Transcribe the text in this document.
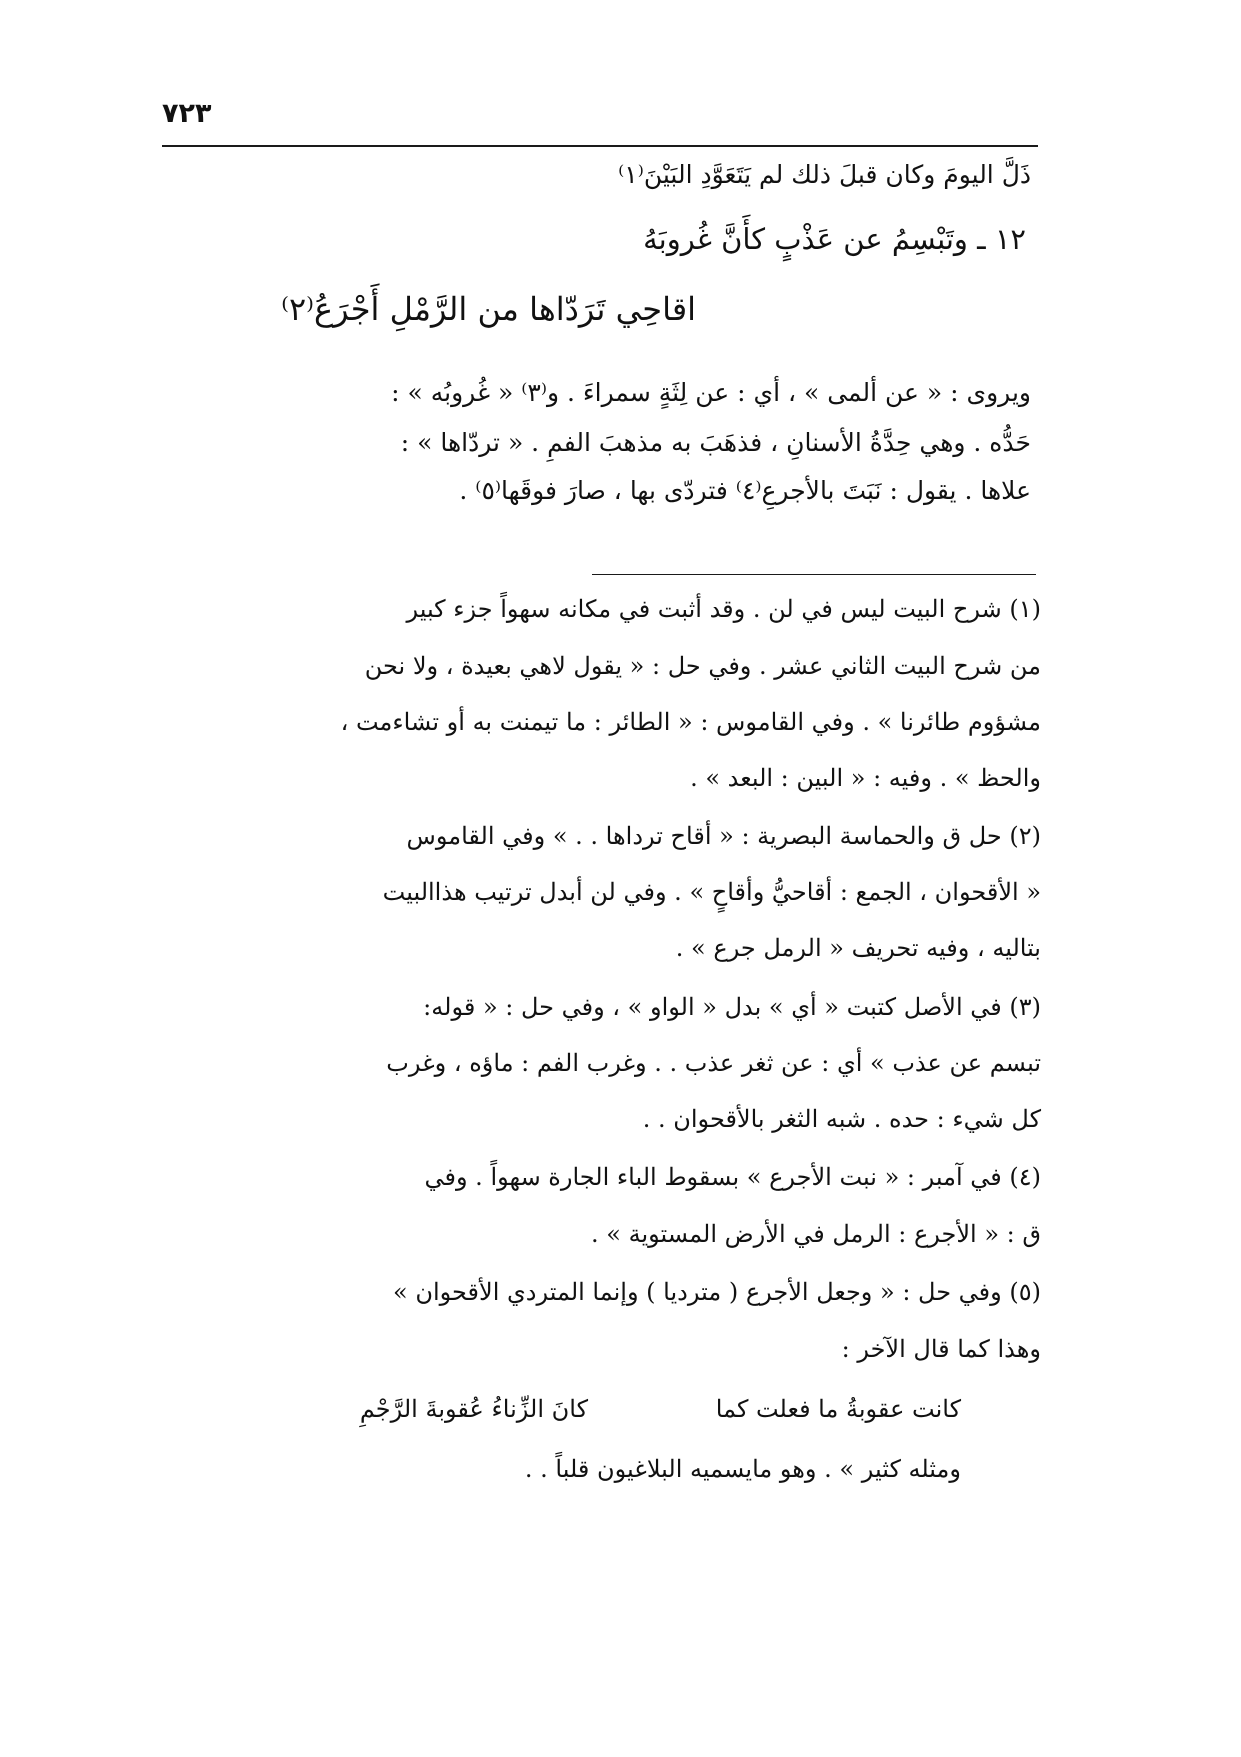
٧٢٣
ذَلَّ اليومَ وكان قبلَ ذلك لم يَتَعَوَّدِ البَيْنَ⁽١⁾
١٢ ـ وتَبْسِمُ عن عَذْبٍ كأَنَّ غُروبَهُ
اقاحِي تَرَدّاها من الرَّمْلِ أَجْرَعُ⁽٢⁾
ويروى : « عن ألمى » ، أي : عن لِثَةٍ سمراءَ . و⁽٣⁾ « غُروبُه » :
حَدُّه . وهي حِدَّةُ الأسنانِ ، فذهَبَ به مذهبَ الفمِ . « تردّاها » :
علاها . يقول : نَبَتَ بالأجرعِ⁽٤⁾ فتردّى بها ، صارَ فوقَها⁽٥⁾ .
(١) شرح البيت ليس في لن . وقد أثبت في مكانه سهواً جزء كبير
من شرح البيت الثاني عشر . وفي حل : « يقول لاهي بعيدة ، ولا نحن
مشؤوم طائرنا » . وفي القاموس : « الطائر : ما تيمنت به أو تشاءمت ،
والحظ » . وفيه : « البين : البعد » .
(٢) حل ق والحماسة البصرية : « أقاح ترداها . . » وفي القاموس
« الأقحوان ، الجمع : أقاحيُّ وأقاحٍ » . وفي لن أبدل ترتيب هذاالبيت
بتاليه ، وفيه تحريف « الرمل جرع » .
(٣) في الأصل كتبت « أي » بدل « الواو » ، وفي حل : « قوله:
تبسم عن عذب » أي : عن ثغر عذب . . وغرب الفم : ماؤه ، وغرب
كل شيء : حده . شبه الثغر بالأقحوان . .
(٤) في آمبر : « نبت الأجرع » بسقوط الباء الجارة سهواً . وفي
ق : « الأجرع : الرمل في الأرض المستوية » .
(٥) وفي حل : « وجعل الأجرع ( مترديا ) وإنما المتردي الأقحوان »
وهذا كما قال الآخر :
كانت عقوبةُ ما فعلت كما
كانَ الزِّناءُ عُقوبةَ الرَّجْمِ
ومثله كثير » . وهو مايسميه البلاغيون قلباً . .
